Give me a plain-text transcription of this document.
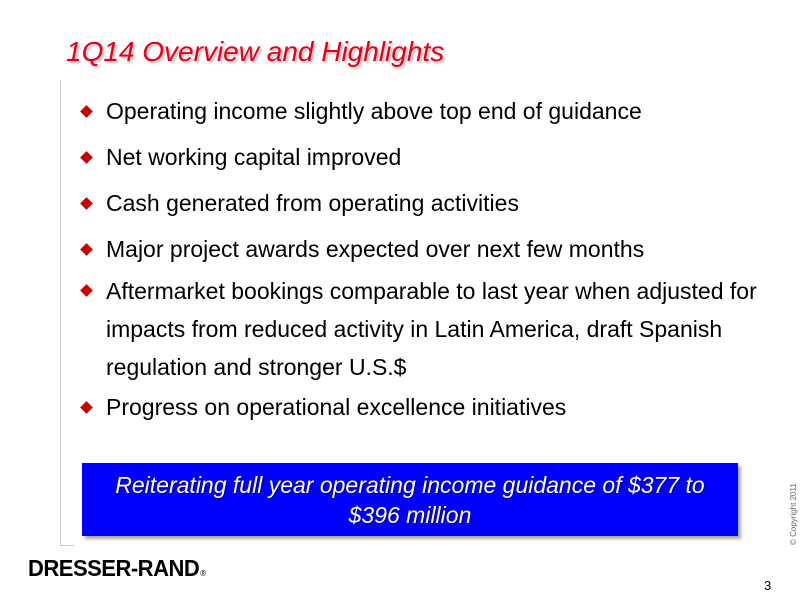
1Q14 Overview and Highlights
Operating income slightly above top end of guidance
Net working capital improved
Cash generated from operating activities
Major project awards expected over next few months
Aftermarket bookings comparable to last year when adjusted for impacts from reduced activity in Latin America, draft Spanish regulation and stronger U.S.$
Progress on operational excellence initiatives
Reiterating full year operating income guidance of $377 to $396 million
DRESSER-RAND®
© Copyright 2011
3
